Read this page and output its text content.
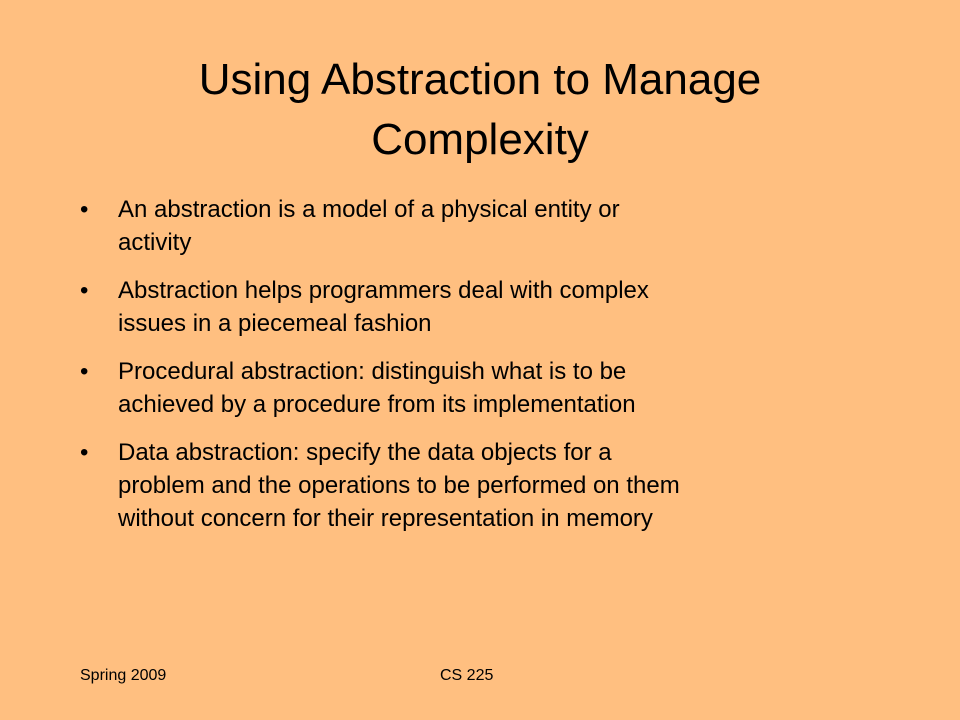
Using Abstraction to Manage
Complexity
• An abstraction is a model of a physical entity or
activity
• Abstraction helps programmers deal with complex
issues in a piecemeal fashion
• Procedural abstraction: distinguish what is to be
achieved by a procedure from its implementation
• Data abstraction: specify the data objects for a
problem and the operations to be performed on them
without concern for their representation in memory
Spring 2009	CS 225
